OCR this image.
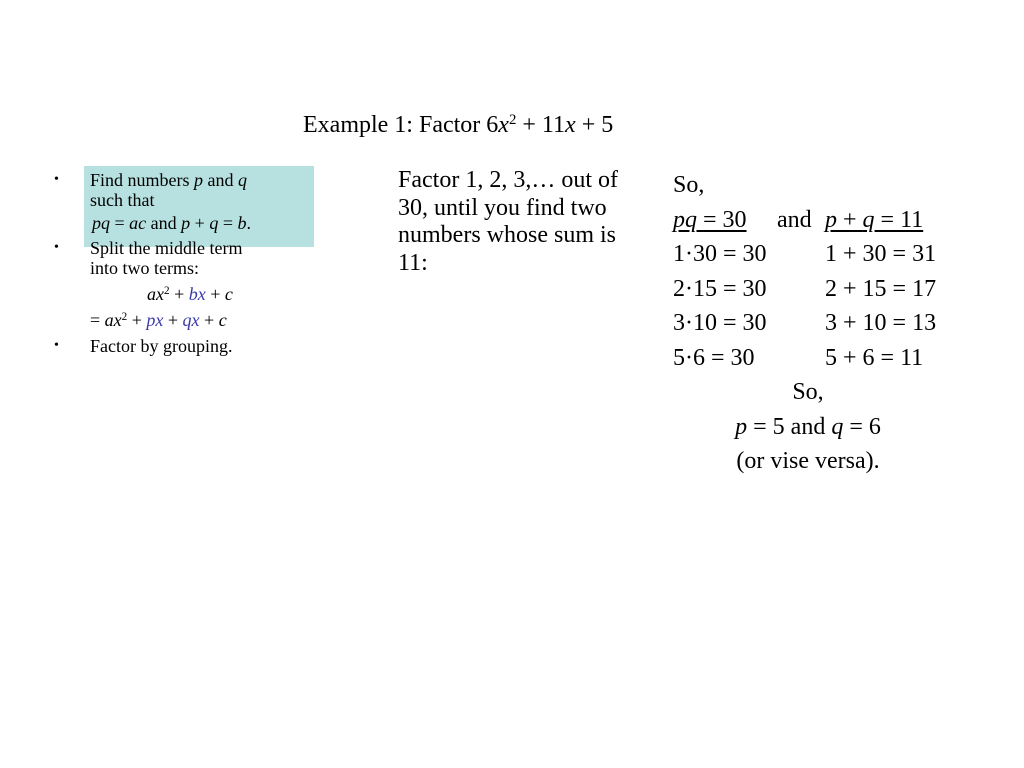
Example 1: Factor $6x^2 + 11x + 5$
• Find numbers p and q
such that
pq = ac and p + q = b.
• Split the middle term
into two terms:
$ax^2$ + bx + c
= $ax^2$ + px + qx + c
• Factor by grouping.
Factor 1, 2, 3,… out of 30, until you find two numbers whose sum is 11:
So,
pq = 30 and p + q = 11
1·30 = 30 1 + 30 = 31
2·15 = 30 2 + 15 = 17
3·10 = 30 3 + 10 = 13
5·6 = 30	5 + 6 = 11
So,
p = 5 and q = 6
(or vise versa).
